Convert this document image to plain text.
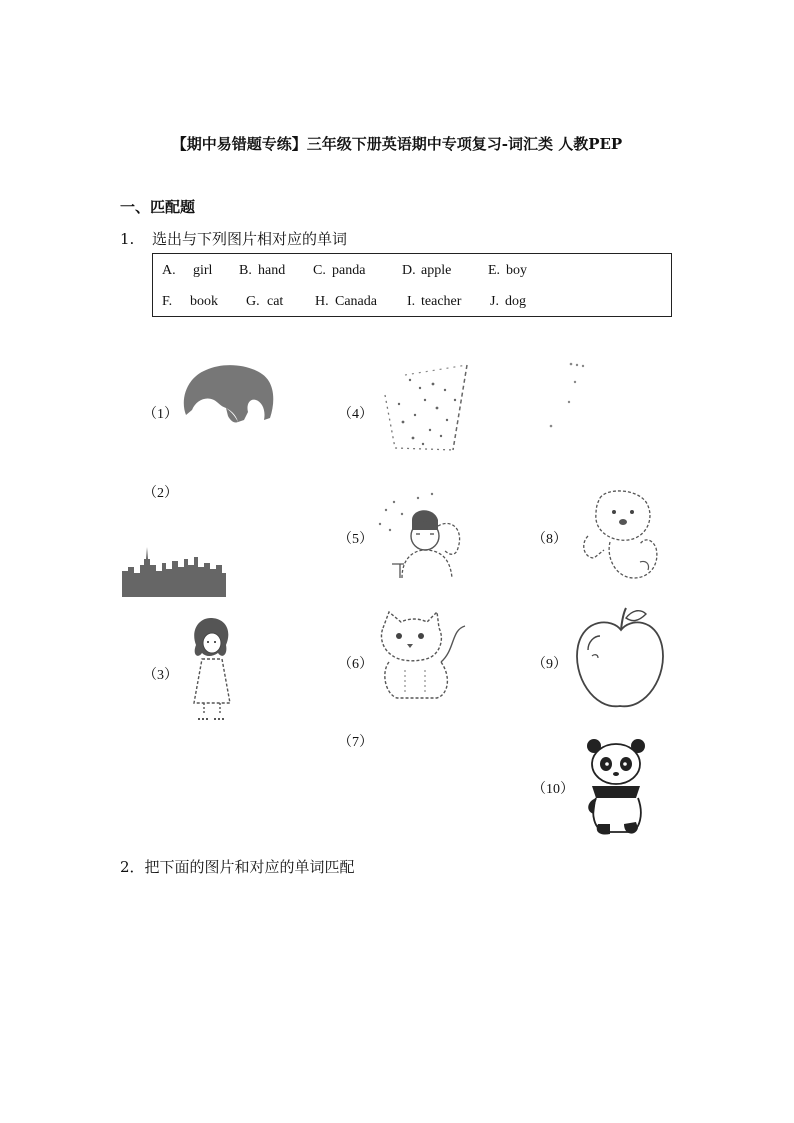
【期中易错题专练】三年级下册英语期中专项复习-词汇类 人教PEP
一、匹配题
1. 选出与下列图片相对应的单词
A. girl B. hand C. panda	D. apple	E. boy
F. book G. cat H. Canada I. teacher J. dog
（1）
（2）
（3）
（4）
（5）
（6）
（7）
（8）
（9）
（10）
2．把下面的图片和对应的单词匹配
